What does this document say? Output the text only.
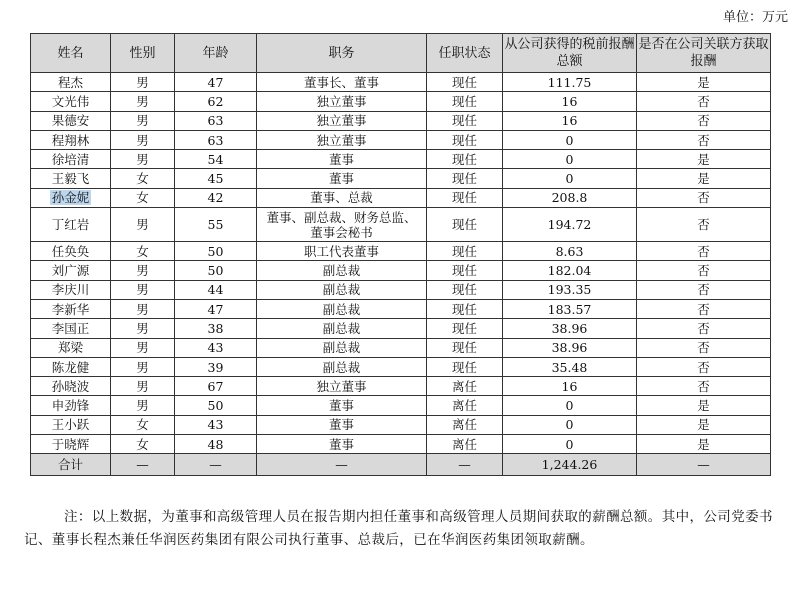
单位：万元
姓名	性别	年龄	职务	任职状态	从公司获得的税前报酬总额	是否在公司关联方获取报酬
程杰	男	47	董事长、董事	现任	111.75	是
文光伟	男	62	独立董事	现任	16	否
果德安	男	63	独立董事	现任	16	否
程翔林	男	63	独立董事	现任	0	否
徐培清	男	54	董事	现任	0	是
王毅飞	女	45	董事	现任	0	是
孙金妮	女	42	董事、总裁	现任	208.8	否
丁红岩	男	55	董事、副总裁、财务总监、董事会秘书	现任	194.72	否
任奂奂	女	50	职工代表董事	现任	8.63	否
刘广源	男	50	副总裁	现任	182.04	否
李庆川	男	44	副总裁	现任	193.35	否
李新华	男	47	副总裁	现任	183.57	否
李国正	男	38	副总裁	现任	38.96	否
郑梁	男	43	副总裁	现任	38.96	否
陈龙健	男	39	副总裁	现任	35.48	否
孙晓波	男	67	独立董事	离任	16	否
申劲锋	男	50	董事	离任	0	是
王小跃	女	43	董事	离任	0	是
于晓辉	女	48	董事	离任	0	是
合计	—	—	—	—	1,244.26	—
注：以上数据，为董事和高级管理人员在报告期内担任董事和高级管理人员期间获取的薪酬总额。其中，公司党委书记、董事长程杰兼任华润医药集团有限公司执行董事、总裁后，已在华润医药集团领取薪酬。
